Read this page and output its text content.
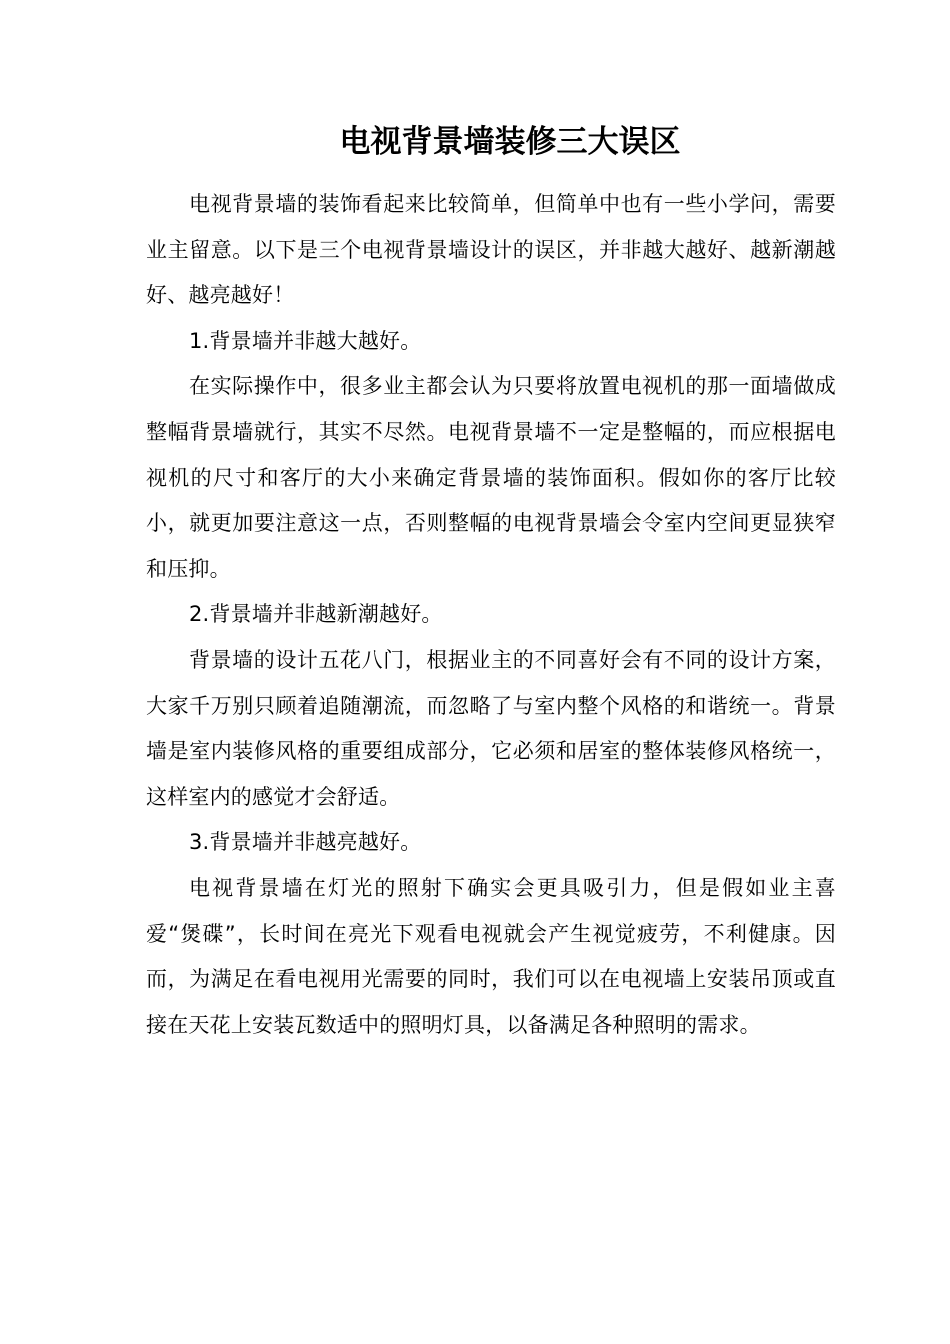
电视背景墙装修三大误区

电视背景墙的装饰看起来比较简单，但简单中也有一些小学问，需要业主留意。以下是三个电视背景墙设计的误区，并非越大越好、越新潮越好、越亮越好！

1.背景墙并非越大越好。

在实际操作中，很多业主都会认为只要将放置电视机的那一面墙做成整幅背景墙就行，其实不尽然。电视背景墙不一定是整幅的，而应根据电视机的尺寸和客厅的大小来确定背景墙的装饰面积。假如你的客厅比较小，就更加要注意这一点，否则整幅的电视背景墙会令室内空间更显狭窄和压抑。

2.背景墙并非越新潮越好。

背景墙的设计五花八门，根据业主的不同喜好会有不同的设计方案，大家千万别只顾着追随潮流，而忽略了与室内整个风格的和谐统一。背景墙是室内装修风格的重要组成部分，它必须和居室的整体装修风格统一，这样室内的感觉才会舒适。

3.背景墙并非越亮越好。

电视背景墙在灯光的照射下确实会更具吸引力，但是假如业主喜爱“煲碟”，长时间在亮光下观看电视就会产生视觉疲劳，不利健康。因而，为满足在看电视用光需要的同时，我们可以在电视墙上安装吊顶或直接在天花上安装瓦数适中的照明灯具，以备满足各种照明的需求。
